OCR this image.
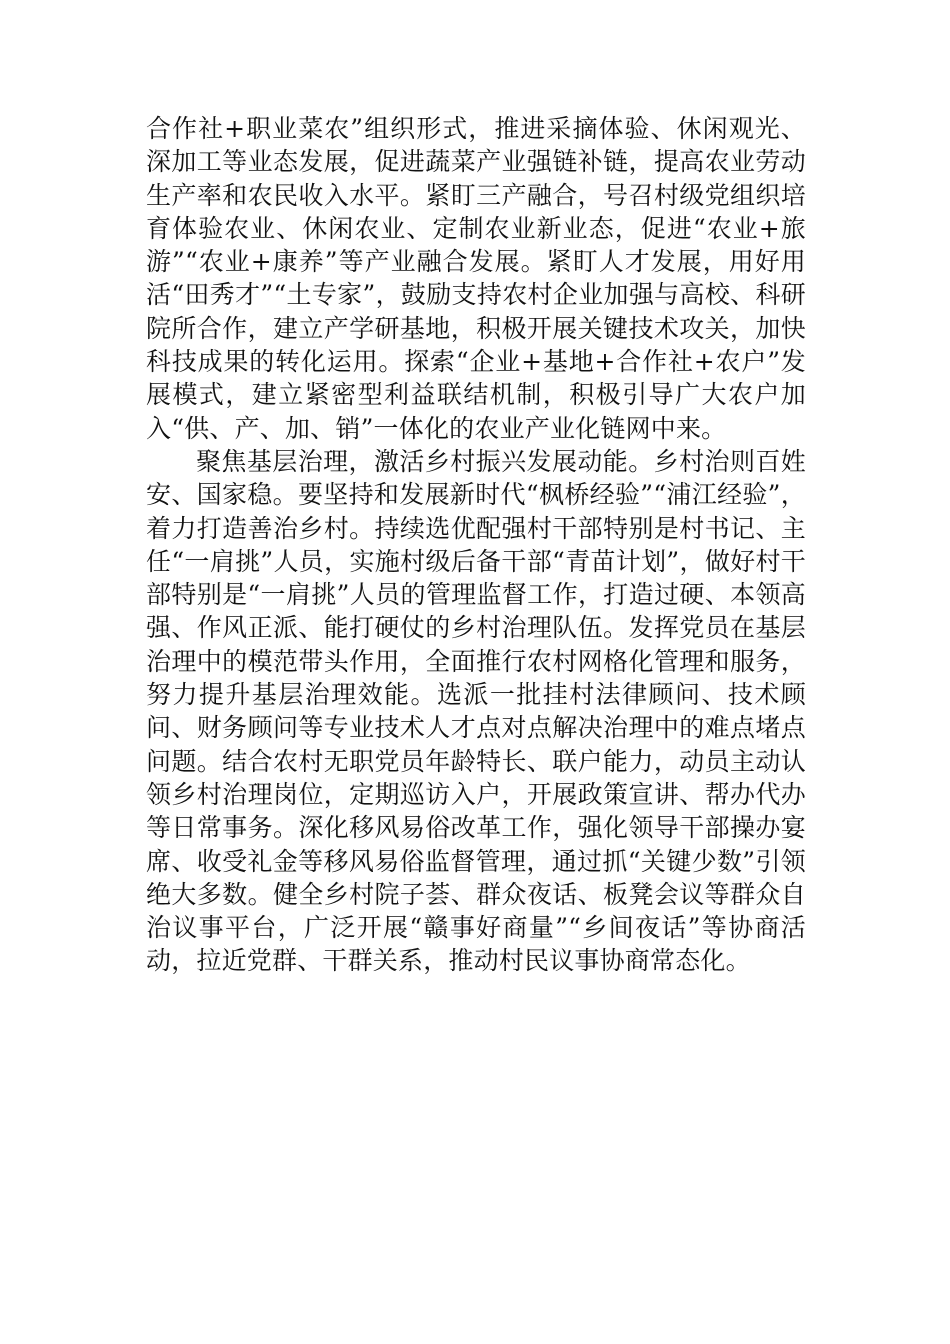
合作社+职业菜农”组织形式，推进采摘体验、休闲观光、深加工等业态发展，促进蔬菜产业强链补链，提高农业劳动生产率和农民收入水平。紧盯三产融合，号召村级党组织培育体验农业、休闲农业、定制农业新业态，促进“农业+旅游”“农业+康养”等产业融合发展。紧盯人才发展，用好用活“田秀才”“土专家”，鼓励支持农村企业加强与高校、科研院所合作，建立产学研基地，积极开展关键技术攻关，加快科技成果的转化运用。探索“企业+基地+合作社+农户”发展模式，建立紧密型利益联结机制，积极引导广大农户加入“供、产、加、销”一体化的农业产业化链网中来。

聚焦基层治理，激活乡村振兴发展动能。乡村治则百姓安、国家稳。要坚持和发展新时代“枫桥经验”“浦江经验”，着力打造善治乡村。持续选优配强村干部特别是村书记、主任“一肩挑”人员，实施村级后备干部“青苗计划”，做好村干部特别是“一肩挑”人员的管理监督工作，打造过硬、本领高强、作风正派、能打硬仗的乡村治理队伍。发挥党员在基层治理中的模范带头作用，全面推行农村网格化管理和服务，努力提升基层治理效能。选派一批挂村法律顾问、技术顾问、财务顾问等专业技术人才点对点解决治理中的难点堵点问题。结合农村无职党员年龄特长、联户能力，动员主动认领乡村治理岗位，定期巡访入户，开展政策宣讲、帮办代办等日常事务。深化移风易俗改革工作，强化领导干部操办宴席、收受礼金等移风易俗监督管理，通过抓“关键少数”引领绝大多数。健全乡村院子荟、群众夜话、板凳会议等群众自治议事平台，广泛开展“赣事好商量”“乡间夜话”等协商活动，拉近党群、干群关系，推动村民议事协商常态化。
